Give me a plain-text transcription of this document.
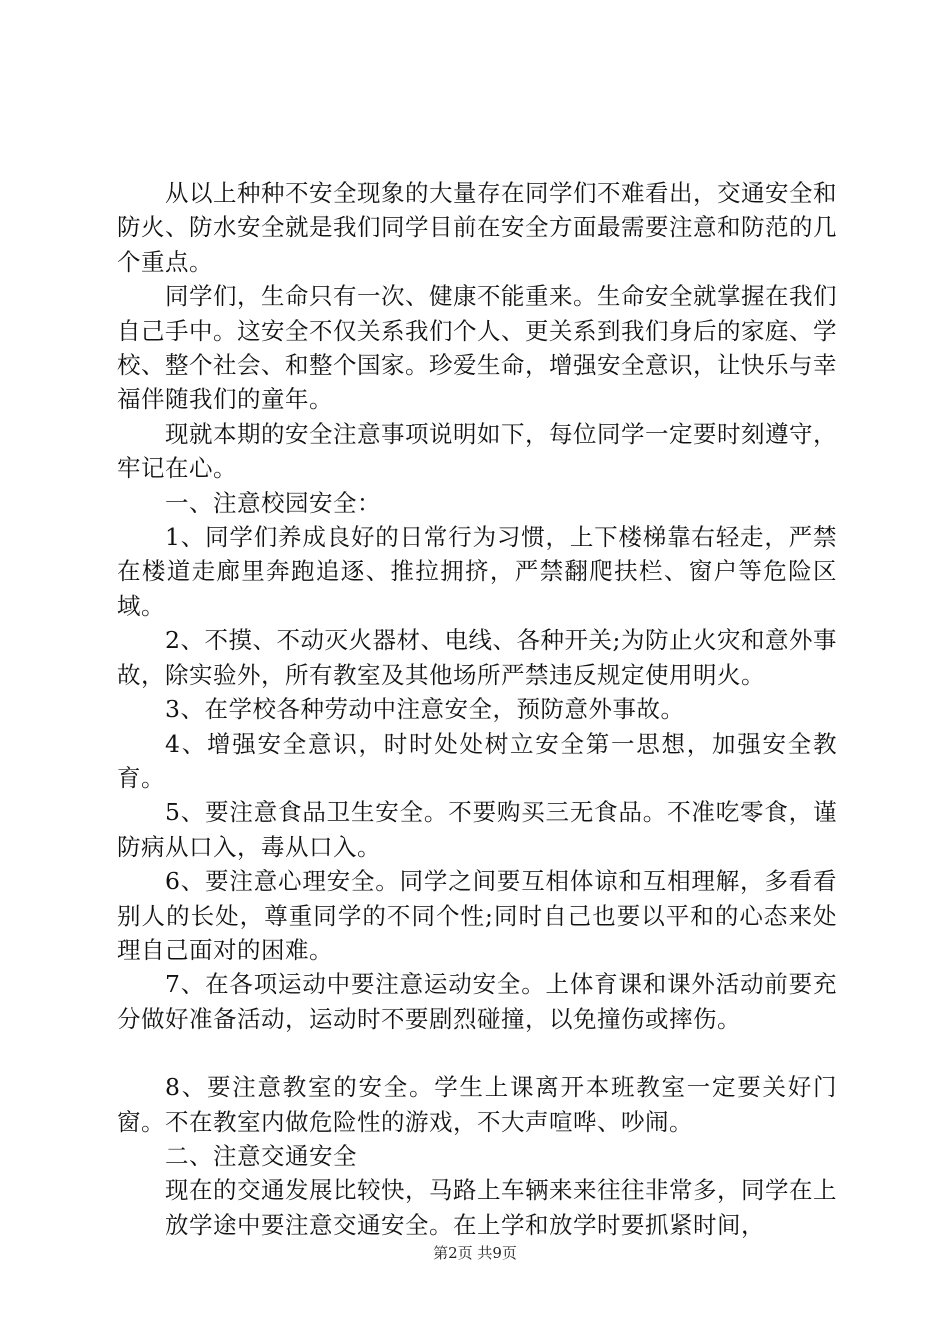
从以上种种不安全现象的大量存在同学们不难看出，交通安全和防火、防水安全就是我们同学目前在安全方面最需要注意和防范的几个重点。

同学们，生命只有一次、健康不能重来。生命安全就掌握在我们自己手中。这安全不仅关系我们个人、更关系到我们身后的家庭、学校、整个社会、和整个国家。珍爱生命，增强安全意识，让快乐与幸福伴随我们的童年。

现就本期的安全注意事项说明如下，每位同学一定要时刻遵守，牢记在心。

一、注意校园安全：

1、同学们养成良好的日常行为习惯，上下楼梯靠右轻走，严禁在楼道走廊里奔跑追逐、推拉拥挤，严禁翻爬扶栏、窗户等危险区域。

2、不摸、不动灭火器材、电线、各种开关;为防止火灾和意外事故，除实验外，所有教室及其他场所严禁违反规定使用明火。

3、在学校各种劳动中注意安全，预防意外事故。

4、增强安全意识，时时处处树立安全第一思想，加强安全教育。

5、要注意食品卫生安全。不要购买三无食品。不准吃零食，谨防病从口入，毒从口入。

6、要注意心理安全。同学之间要互相体谅和互相理解，多看看别人的长处，尊重同学的不同个性;同时自己也要以平和的心态来处理自己面对的困难。

7、在各项运动中要注意运动安全。上体育课和课外活动前要充分做好准备活动，运动时不要剧烈碰撞，以免撞伤或摔伤。

8、要注意教室的安全。学生上课离开本班教室一定要关好门窗。不在教室内做危险性的游戏，不大声喧哗、吵闹。

二、注意交通安全

现在的交通发展比较快，马路上车辆来来往往非常多，同学在上

放学途中要注意交通安全。在上学和放学时要抓紧时间，

第2页 共9页
